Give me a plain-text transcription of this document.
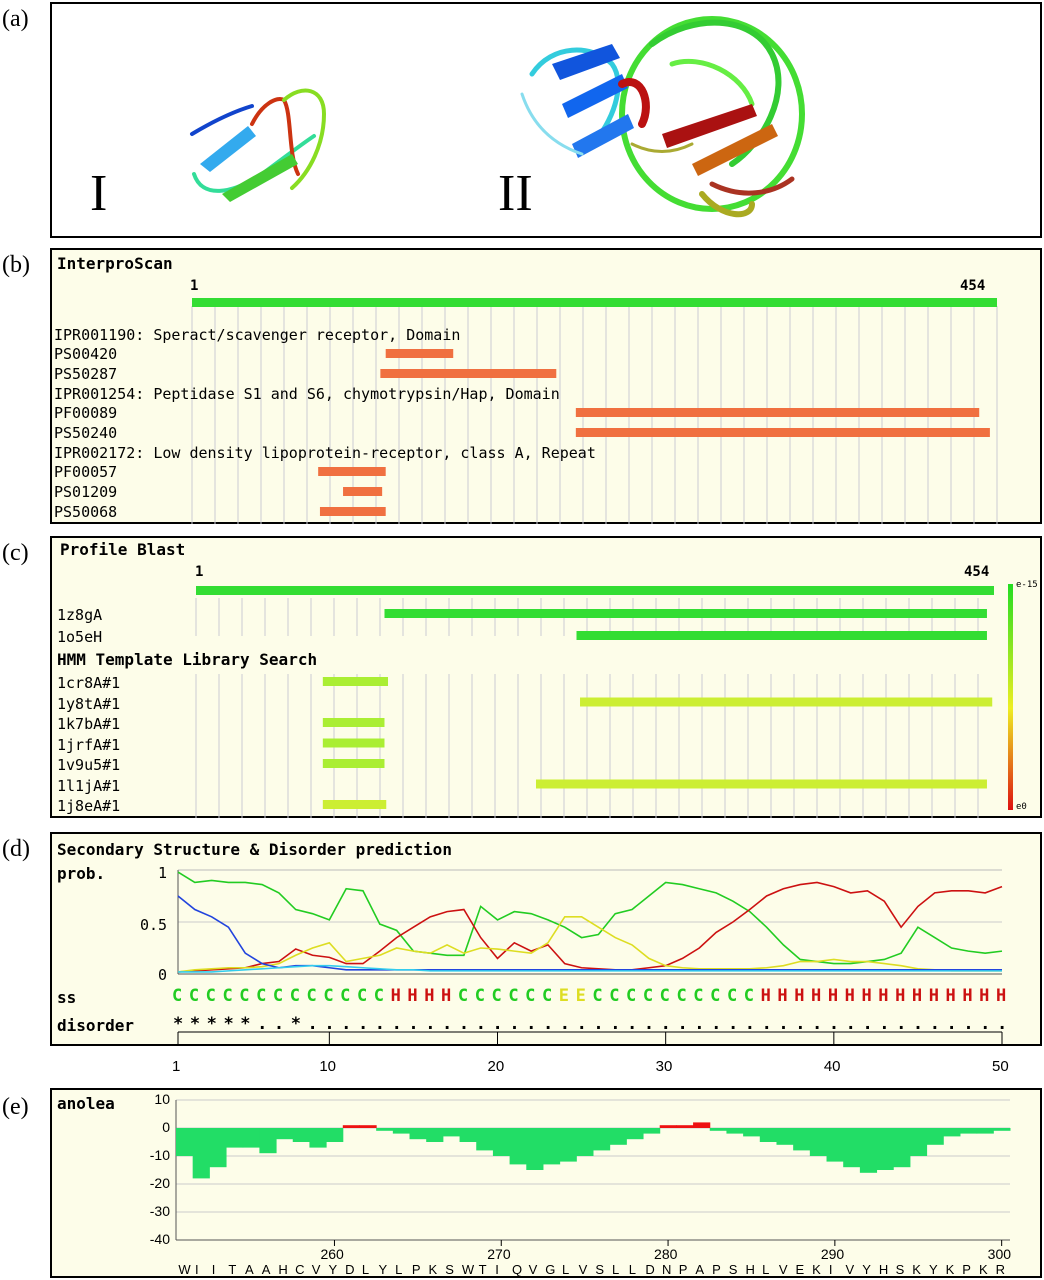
(a)
(b)
(c)
(d)
(e)
I	II
InterproScan
1	454
IPR001190: Speract/scavenger receptor, Domain
PS00420
PS50287
IPR001254: Peptidase S1 and S6, chymotrypsin/Hap, Domain
PF00089
PS50240
IPR002172: Low density lipoprotein-receptor, class A, Repeat
PF00057
PS01209
PS50068
Profile Blast
1	454
HMM Template Library Search
e-15
e0
1z8gA
1o5eH
1cr8A#1
1y8tA#1
1k7bA#1
1jrfA#1
1v9u5#1
1l1jA#1
1j8eA#1
Secondary Structure & Disorder prediction
prob.
ss
disorder
1
0.5
0
C
*
C
*
C
*
C
*
C
*
C
.
C
.
C
*
C
.
C
.
C
.
C
.
C
.
H
.
H
.
H
.
H
.
C
.
C
.
C
.
C
.
C
.
C
.
E
.
E
.
C
.
C
.
C
.
C
.
C
.
C
.
C
.
C
.
C
.
C
.
H
.
H
.
H
.
H
.
H
.
H
.
H
.
H
.
H
.
H
.
H
.
H
.
H
.
H
.
H
.
1	10	20	30	40	50
anolea	10
0
-10
-20
-30
-40
260	270	280	290	300
W I I T A A H C V Y D L Y L P K S W T I Q V G L V S L L D N P A P S H L V E K I V Y H S K Y K P K R
